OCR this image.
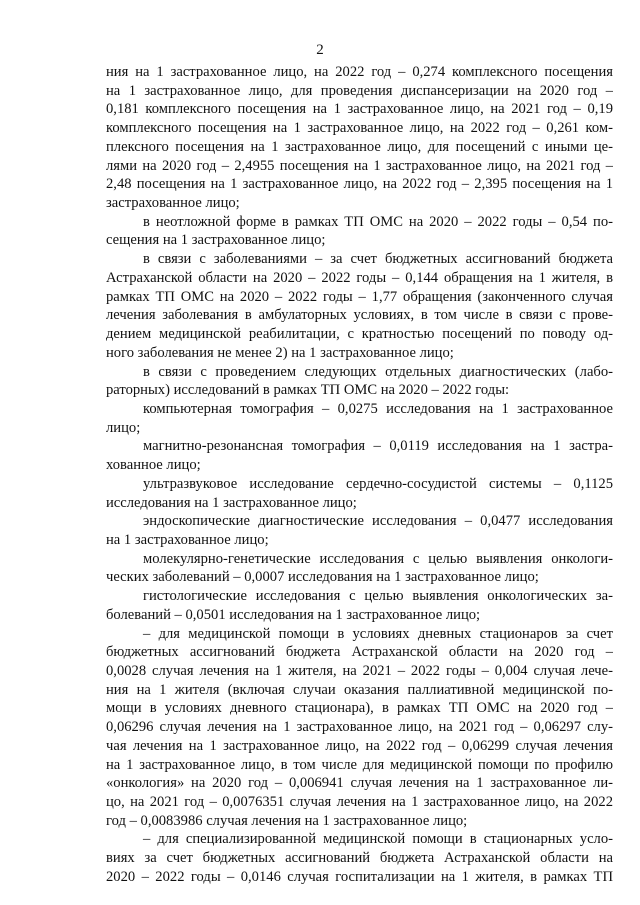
2
ния на 1 застрахованное лицо, на 2022 год – 0,274 комплексного посещения
на 1 застрахованное лицо, для проведения диспансеризации на 2020 год –
0,181 комплексного посещения на 1 застрахованное лицо, на 2021 год – 0,19
комплексного посещения на 1 застрахованное лицо, на 2022 год – 0,261 ком-
плексного посещения на 1 застрахованное лицо, для посещений с иными це-
лями на 2020 год – 2,4955 посещения на 1 застрахованное лицо, на 2021 год –
2,48 посещения на 1 застрахованное лицо, на 2022 год – 2,395 посещения на 1
застрахованное лицо;
в неотложной форме в рамках ТП ОМС на 2020 – 2022 годы – 0,54 по-
сещения на 1 застрахованное лицо;
в связи с заболеваниями – за счет бюджетных ассигнований бюджета
Астраханской области на 2020 – 2022 годы – 0,144 обращения на 1 жителя, в
рамках ТП ОМС на 2020 – 2022 годы – 1,77 обращения (законченного случая
лечения заболевания в амбулаторных условиях, в том числе в связи с прове-
дением медицинской реабилитации, с кратностью посещений по поводу од-
ного заболевания не менее 2) на 1 застрахованное лицо;
в связи с проведением следующих отдельных диагностических (лабо-
раторных) исследований в рамках ТП ОМС на 2020 – 2022 годы:
компьютерная томография – 0,0275 исследования на 1 застрахованное
лицо;
магнитно-резонансная томография – 0,0119 исследования на 1 застра-
хованное лицо;
ультразвуковое исследование сердечно-сосудистой системы – 0,1125
исследования на 1 застрахованное лицо;
эндоскопические диагностические исследования – 0,0477 исследования
на 1 застрахованное лицо;
молекулярно-генетические исследования с целью выявления онкологи-
ческих заболеваний – 0,0007 исследования на 1 застрахованное лицо;
гистологические исследования с целью выявления онкологических за-
болеваний – 0,0501 исследования на 1 застрахованное лицо;
– для медицинской помощи в условиях дневных стационаров за счет
бюджетных ассигнований бюджета Астраханской области на 2020 год –
0,0028 случая лечения на 1 жителя, на 2021 – 2022 годы – 0,004 случая лече-
ния на 1 жителя (включая случаи оказания паллиативной медицинской по-
мощи в условиях дневного стационара), в рамках ТП ОМС на 2020 год –
0,06296 случая лечения на 1 застрахованное лицо, на 2021 год – 0,06297 слу-
чая лечения на 1 застрахованное лицо, на 2022 год – 0,06299 случая лечения
на 1 застрахованное лицо, в том числе для медицинской помощи по профилю
«онкология» на 2020 год – 0,006941 случая лечения на 1 застрахованное ли-
цо, на 2021 год – 0,0076351 случая лечения на 1 застрахованное лицо, на 2022
год – 0,0083986 случая лечения на 1 застрахованное лицо;
– для специализированной медицинской помощи в стационарных усло-
виях за счет бюджетных ассигнований бюджета Астраханской области на
2020 – 2022 годы – 0,0146 случая госпитализации на 1 жителя, в рамках ТП
